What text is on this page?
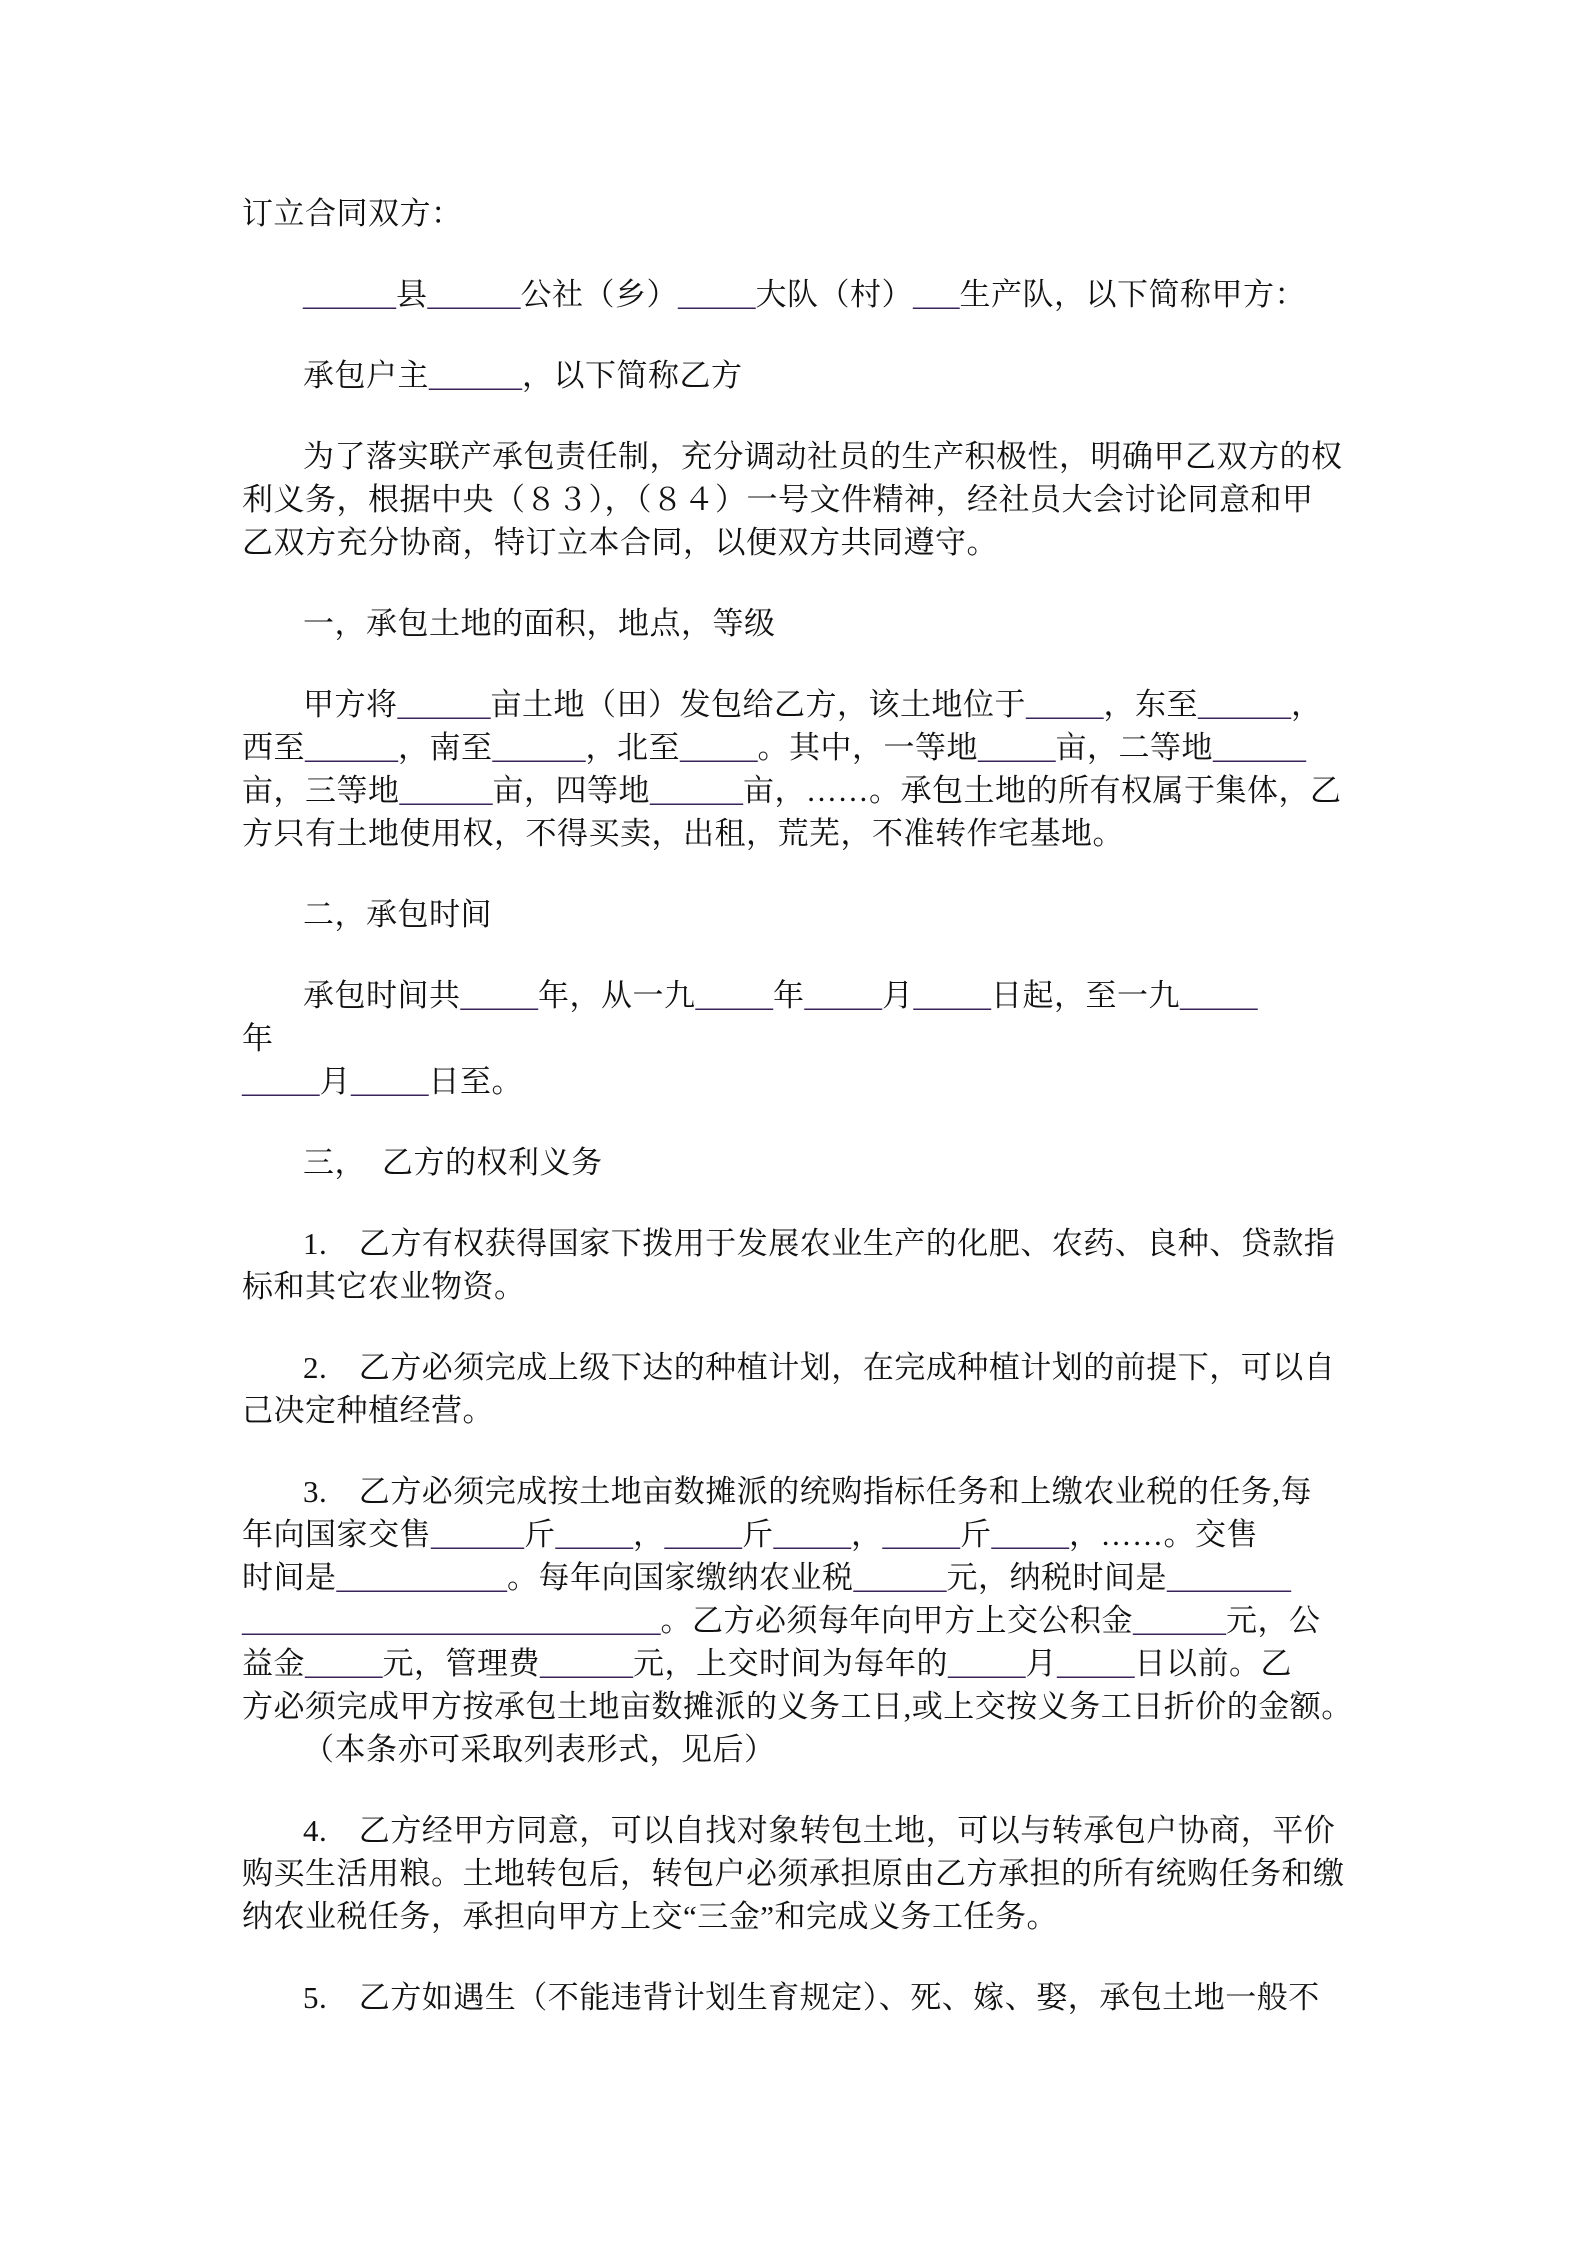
订立合同双方：
______县______公社（乡）_____大队（村）___生产队，以下简称甲方：
承包户主______，以下简称乙方
为了落实联产承包责任制，充分调动社员的生产积极性，明确甲乙双方的权
利义务，根据中央（８３），（８４）一号文件精神，经社员大会讨论同意和甲
乙双方充分协商，特订立本合同，以便双方共同遵守。
一，承包土地的面积，地点，等级
甲方将______亩土地（田）发包给乙方，该土地位于_____，东至______，
西至______，南至______，北至_____。其中，一等地_____亩，二等地______
亩，三等地______亩，四等地______亩，……。承包土地的所有权属于集体，乙
方只有土地使用权，不得买卖，出租，荒芜，不准转作宅基地。
二，承包时间
承包时间共_____年，从一九_____年_____月_____日起，至一九_____
年
_____月_____日至。
三，　乙方的权利义务
1.　乙方有权获得国家下拨用于发展农业生产的化肥、农药、良种、贷款指
标和其它农业物资。
2.　乙方必须完成上级下达的种植计划，在完成种植计划的前提下，可以自
己决定种植经营。
3.　乙方必须完成按土地亩数摊派的统购指标任务和上缴农业税的任务,每
年向国家交售______斤_____，_____斤_____，_____斤_____，……。交售
时间是___________。每年向国家缴纳农业税______元，纳税时间是________
___________________________。乙方必须每年向甲方上交公积金______元，公
益金_____元，管理费______元，上交时间为每年的_____月_____日以前。乙
方必须完成甲方按承包土地亩数摊派的义务工日,或上交按义务工日折价的金额。
（本条亦可采取列表形式，见后）
4.　乙方经甲方同意，可以自找对象转包土地，可以与转承包户协商，平价
购买生活用粮。土地转包后，转包户必须承担原由乙方承担的所有统购任务和缴
纳农业税任务，承担向甲方上交“三金”和完成义务工任务。
5.　乙方如遇生（不能违背计划生育规定）、死、嫁、娶，承包土地一般不
